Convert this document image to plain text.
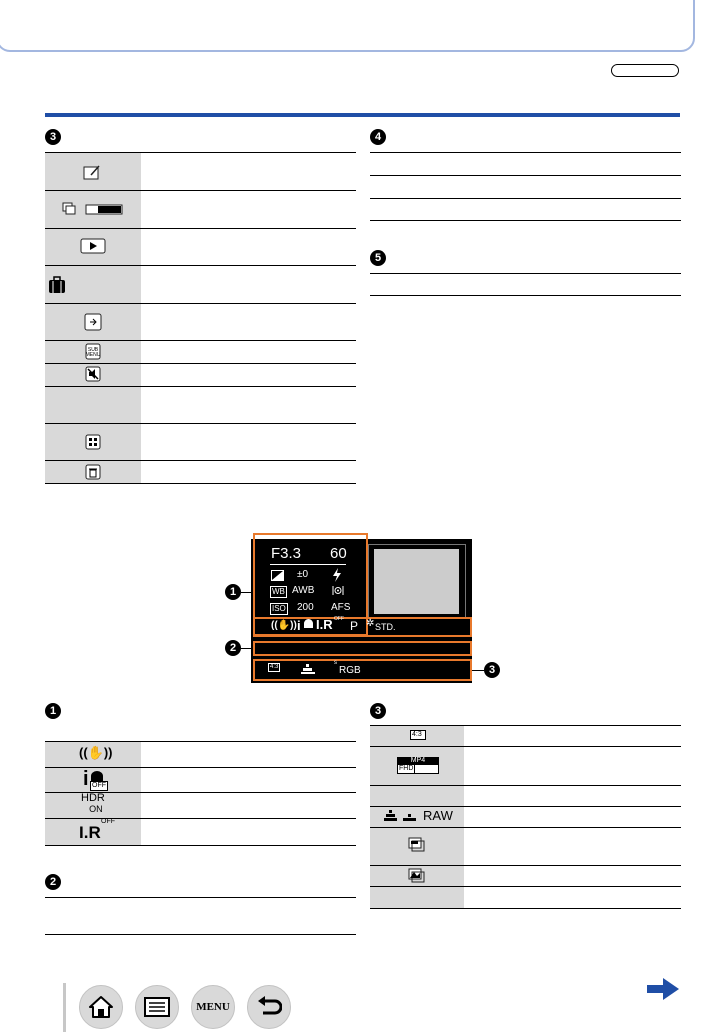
3
SUB
MENU
4
5
F3.3 60
±0
WB AWB
ISO 200 AFS
((✋)) i I.R OFF P ✲ STD.
4:3
s
RGB
1
2
3
1
((✋))
i OFF
HDR
ON
I.R
OFF
2
3
4:3
MP4
FHD
RAW
MENU
